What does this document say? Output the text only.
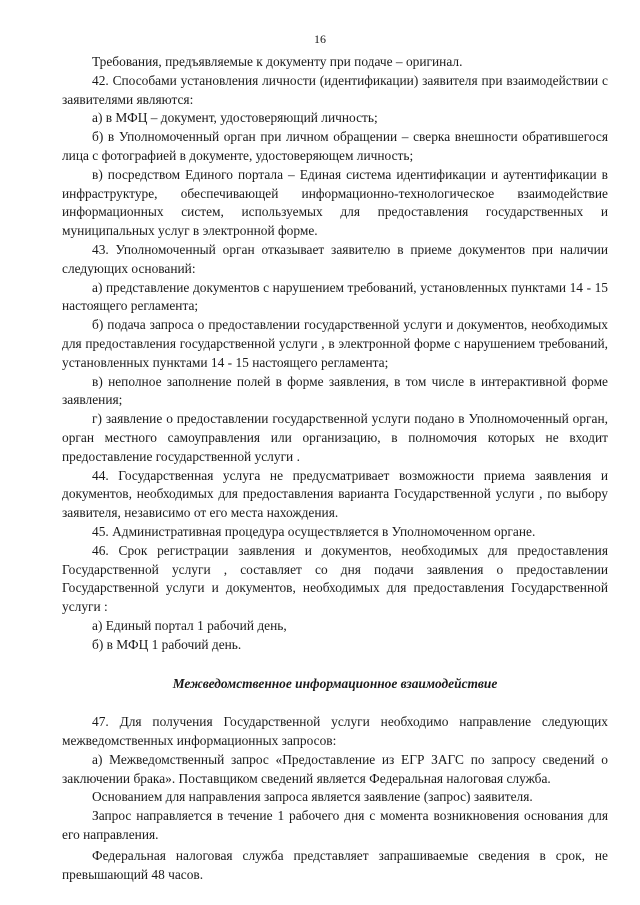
16

Требования, предъявляемые к документу при подаче – оригинал.

42. Способами установления личности (идентификации) заявителя при взаимодействии с заявителями являются:

а) в МФЦ – документ, удостоверяющий личность;

б) в Уполномоченный орган при личном обращении – сверка внешности обратившегося лица с фотографией в документе, удостоверяющем личность;

в) посредством Единого портала – Единая система идентификации и аутентификации в инфраструктуре, обеспечивающей информационно-технологическое взаимодействие информационных систем, используемых для предоставления государственных и муниципальных услуг в электронной форме.

43. Уполномоченный орган отказывает заявителю в приеме документов при наличии следующих оснований:

а) представление документов с нарушением требований, установленных пунктами 14 - 15 настоящего регламента;

б) подача запроса о предоставлении государственной услуги и документов, необходимых для предоставления государственной услуги , в электронной форме с нарушением требований, установленных пунктами 14 - 15 настоящего регламента;

в) неполное заполнение полей в форме заявления, в том числе в интерактивной форме заявления;

г) заявление о предоставлении государственной услуги подано в Уполномоченный орган, орган местного самоуправления или организацию, в полномочия которых не входит предоставление государственной услуги .

44. Государственная услуга не предусматривает возможности приема заявления и документов, необходимых для предоставления варианта Государственной услуги , по выбору заявителя, независимо от его места нахождения.

45. Административная процедура осуществляется в Уполномоченном органе.

46. Срок регистрации заявления и документов, необходимых для предоставления Государственной услуги , составляет со дня подачи заявления о предоставлении Государственной услуги и документов, необходимых для предоставления Государственной услуги :

а) Единый портал 1 рабочий день,

б) в МФЦ 1 рабочий день.

Межведомственное информационное взаимодействие

47. Для получения Государственной услуги необходимо направление следующих межведомственных информационных запросов:

а) Межведомственный запрос «Предоставление из ЕГР ЗАГС по запросу сведений о заключении брака». Поставщиком сведений является Федеральная налоговая служба.

Основанием для направления запроса является заявление (запрос) заявителя.

Запрос направляется в течение 1 рабочего дня с момента возникновения основания для его направления.

Федеральная налоговая служба представляет запрашиваемые сведения в срок, не превышающий 48 часов.
